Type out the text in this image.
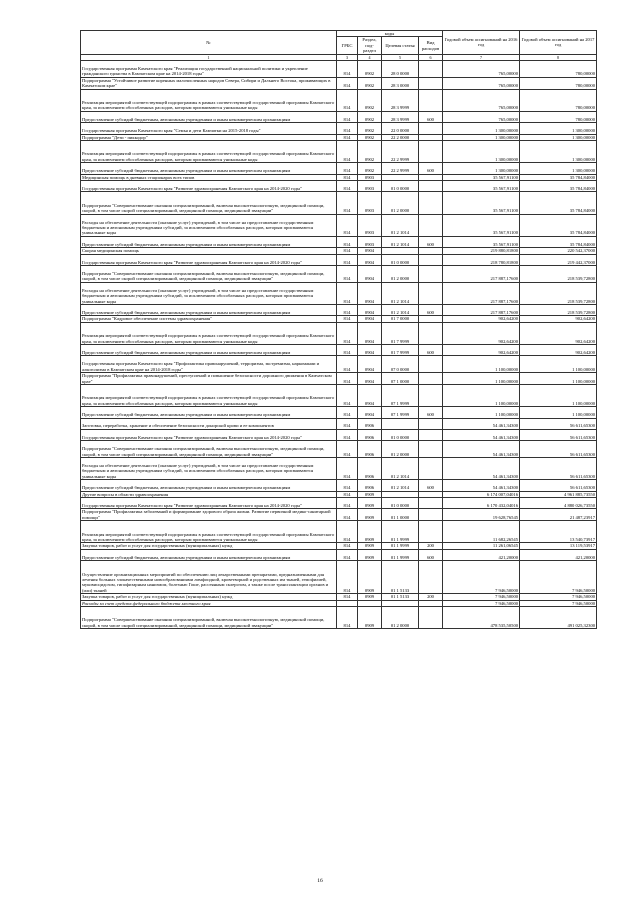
№	коды				Годовой объем ассигнований на 2016 год	Годовой объем ассигнований на 2017 год
	ГРБС	Раздел, под-раздел	Целевая статья	Вид расходов		
1	3	4	5	6	7	8
Государственная программа Камчатского края "Реализация государственной национальной политики и укрепление гражданского единства в Камчатском крае на 2014-2018 годы"	814	0902	28 0 0000		765,00000	780,00000
Подпрограмма "Устойчивое развитие коренных малочисленных народов Севера, Сибири и Дальнего Востока, проживающих в Камчатском крае"	814	0902	28 3 0000		765,00000	780,00000
Реализация мероприятий соответствующей подпрограммы в рамках соответствующей государственной программы Камчатского края, за исключением обособленных расходов, которым присваиваются уникальные коды	814	0902	28 3 9999		765,00000	780,00000
Предоставление субсидий бюджетным, автономным учреждениям и иным некоммерческим организациям	814	0902	28 3 9999	600	765,00000	780,00000
Государственная программа Камчатского края "Семья и дети Камчатки на 2015-2018 годы"	814	0902	22 0 0000		1 300,00000	1 300,00000
Подпрограмма "Дети - пиккодор"	814	0902	22 2 0000		1 300,00000	1 300,00000
Реализация мероприятий соответствующей подпрограммы в рамках соответствующей государственной программы Камчатского края, за исключением обособленных расходов, которым присваиваются уникальные коды	814	0902	22 2 9999		1 300,00000	1 300,00000
Предоставление субсидий бюджетным, автономным учреждениям и иным некоммерческим организациям	814	0902	22 2 9999	600	1 300,00000	1 300,00000
Медицинская помощь в дневных стационарах всех типов	814	0903			35 567,91100	35 784,84000
Государственная программа Камчатского края "Развитие здравоохранения Камчатского края на 2014-2020 годы"	814	0903	01 0 0000		35 567,91100	35 784,84000
Подпрограмма "Совершенствование оказания специализированной, включая высокотехнологичную, медицинской помощи, скорой, в том числе скорой специализированной, медицинской помощи, медицинской эвакуации"	814	0903	01 2 0000		35 567,91100	35 784,84000
Расходы на обеспечение деятельности (оказание услуг) учреждений, в том числе на предоставление государственным бюджетным и автономным учреждениям субсидий, за исключением обособленных расходов, которым присваиваются уникальные коды	814	0903	01 2 1014		35 567,91100	35 784,84000
Предоставление субсидий бюджетным, автономным учреждениям и иным некоммерческим организациям	814	0903	01 2 1014	600	35 567,91100	35 784,84000
Скорая медицинская помощь	814	0904			219 880,81800	220 542,37000
Государственная программа Камчатского края "Развитие здравоохранения Камчатского края на 2014-2020 годы"	814	0904	01 0 0000		218 780,81800	219 442,37000
Подпрограмма "Совершенствование оказания специализированной, включая высокотехнологичную, медицинской помощи, скорой, в том числе скорой специализированной, медицинской помощи, медицинской эвакуации"	814	0904	01 2 0000		217 887,17600	218 539,72800
Расходы на обеспечение деятельности (оказание услуг) учреждений, в том числе на предоставление государственным бюджетным и автономным учреждениям субсидий, за исключением обособленных расходов, которым присваиваются уникальные коды	814	0904	01 2 1014		217 887,17600	218 539,72800
Предоставление субсидий бюджетным, автономным учреждениям и иным некоммерческим организациям	814	0904	01 2 1014	600	217 887,17600	218 539,72800
Подпрограмма "Кадровое обеспечение системы здравоохранения"	814	0904	01 7 0000		902,64200	902,64200
Реализация мероприятий соответствующей подпрограммы в рамках соответствующей государственной программы Камчатского края, за исключением обособленных расходов, которым присваиваются уникальные коды	814	0904	01 7 9999		902,64200	902,64200
Предоставление субсидий бюджетным, автономным учреждениям и иным некоммерческим организациям	814	0904	01 7 9999	600	902,64200	902,64200
Государственная программа Камчатского края "Профилактика правонарушений, терроризма, экстремизма, наркомании и алкоголизма в Камчатском крае на 2014-2018 годы"	814	0904	07 0 0000		1 100,00000	1 100,00000
Подпрограмма "Профилактика правонарушений, преступлений и повышение безопасности дорожного движения в Камчатском крае"	814	0904	07 1 0000		1 100,00000	1 100,00000
Реализация мероприятий соответствующей подпрограммы в рамках соответствующей государственной программы Камчатского края, за исключением обособленных расходов, которым присваиваются уникальные коды	814	0904	07 1 9999		1 100,00000	1 100,00000
Предоставление субсидий бюджетным, автономным учреждениям и иным некоммерческим организациям	814	0904	07 1 9999	600	1 100,00000	1 100,00000
Заготовка, переработка, хранение и обеспечение безопасности донорской крови и ее компонентов	814	0906			54 461,34300	56 611,65300
Государственная программа Камчатского края "Развитие здравоохранения Камчатского края на 2014-2020 годы"	814	0906	01 0 0000		54 461,34300	56 611,65300
Подпрограмма "Совершенствование оказания специализированной, включая высокотехнологичную, медицинской помощи, скорой, в том числе скорой специализированной, медицинской помощи, медицинской эвакуации"	814	0906	01 2 0000		54 461,34300	56 611,65300
Расходы на обеспечение деятельности (оказание услуг) учреждений, в том числе на предоставление государственным бюджетным и автономным учреждениям субсидий, за исключением обособленных расходов, которым присваиваются уникальные коды	814	0906	01 2 1014		54 461,34300	56 611,65300
Предоставление субсидий бюджетным, автономным учреждениям и иным некоммерческим организациям	814	0906	01 2 1014	600	54 461,34300	56 611,65300
Другие вопросы в области здравоохранения	814	0909			6 174 007,04016	4 961 885,73550
Государственная программа Камчатского края "Развитие здравоохранения Камчатского края на 2014-2020 годы"	814	0909	01 0 0000		6 170 432,04016	4 880 026,73550
Подпрограмма "Профилактика заболеваний и формирование здорового образа жизни. Развитие первичной медико-санитарной помощи"	814	0909	01 1 0000		19 628,76545	21 487,23917
Реализация мероприятий соответствующей подпрограммы в рамках соответствующей государственной программы Камчатского края, за исключением обособленных расходов, которым присваиваются уникальные коды	814	0909	01 1 9999		11 682,26545	13 540,73917
Закупка товаров, работ и услуг для государственных (муниципальных) нужд	814	0909	01 1 9999	200	11 261,06545	13 119,53917
Предоставление субсидий бюджетным, автономным учреждениям и иным некоммерческим организациям	814	0909	01 1 9999	600	421,20000	421,20000
Осуществление организационных мероприятий по обеспечению лиц лекарственными препаратами, предназначенными для лечения больных злокачественными новообразованиями лимфоидной, кроветворной и родственных им тканей, гемофилией, муковисцидозом, гипофизарным нанизмом, болезнью Гоше, рассеянным склерозом, а также после трансплантации органов и (или) тканей	814	0909	01 1 5133		7 946,50000	7 946,50000
Закупка товаров, работ и услуг для государственных (муниципальных) нужд	814	0909	01 1 5133	200	7 946,50000	7 946,50000
Расходы за счет средств федерального бюджета местного края					7 946,50000	7 946,50000
Подпрограмма "Совершенствование оказания специализированной, включая высокотехнологичную, медицинской помощи, скорой, в том числе скорой специализированной, медицинской помощи, медицинской эвакуации"	814	0909	01 2 0000		478 535,50500	491 025,32300
16
